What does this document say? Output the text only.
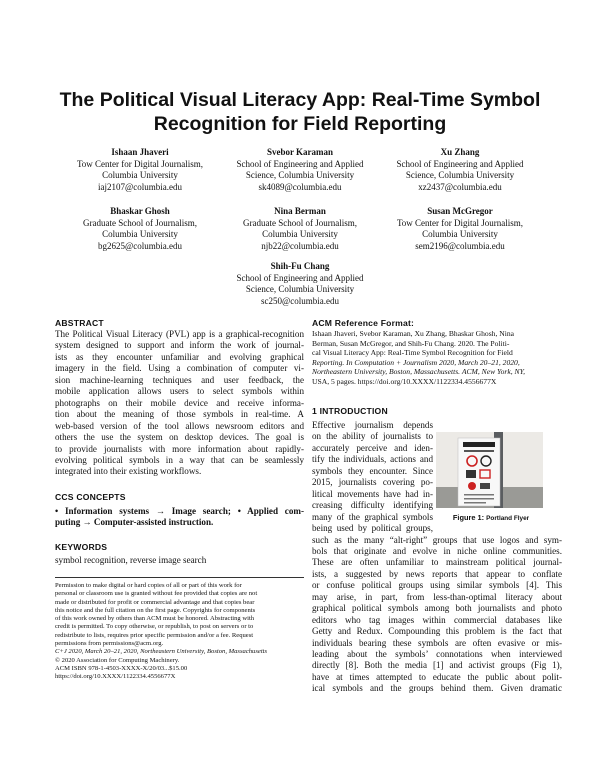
The Political Visual Literacy App: Real-Time Symbol
Recognition for Field Reporting
Ishaan Jhaveri
Tow Center for Digital Journalism,
Columbia University
iaj2107@columbia.edu
Svebor Karaman
School of Engineering and Applied
Science, Columbia University
sk4089@columbia.edu
Xu Zhang
School of Engineering and Applied
Science, Columbia University
xz2437@columbia.edu
Bhaskar Ghosh
Graduate School of Journalism,
Columbia University
bg2625@columbia.edu
Nina Berman
Graduate School of Journalism,
Columbia University
njb22@columbia.edu
Susan McGregor
Tow Center for Digital Journalism,
Columbia University
sem2196@columbia.edu
Shih-Fu Chang
School of Engineering and Applied
Science, Columbia University
sc250@columbia.edu
ABSTRACT
The Political Visual Literacy (PVL) app is a graphical-recognition
system designed to support and inform the work of journal-
ists as they encounter unfamiliar and evolving graphical
imagery in the field. Using a combination of computer vi-
sion machine-learning techniques and user feedback, the
mobile application allows users to select symbols within
photographs on their mobile device and receive informa-
tion about the meaning of those symbols in real-time. A
web-based version of the tool allows newsroom editors and
others the use the system on desktop devices. The goal is
to provide journalists with more information about rapidly-
evolving political symbols in a way that can be seamlessly
integrated into their existing workflows.
CCS CONCEPTS
• Information systems → Image search; • Applied com-
puting → Computer-assisted instruction.
KEYWORDS
symbol recognition, reverse image search
Permission to make digital or hard copies of all or part of this work for
personal or classroom use is granted without fee provided that copies are not
made or distributed for profit or commercial advantage and that copies bear
this notice and the full citation on the first page. Copyrights for components
of this work owned by others than ACM must be honored. Abstracting with
credit is permitted. To copy otherwise, or republish, to post on servers or to
redistribute to lists, requires prior specific permission and/or a fee. Request
permissions from permissions@acm.org.
C+J 2020, March 20–21, 2020, Northeastern University, Boston, Massachusetts
© 2020 Association for Computing Machinery.
ACM ISBN 978-1-4503-XXXX-X/20/03...$15.00
https://doi.org/10.XXXX/1122334.4556677X
ACM Reference Format:
Ishaan Jhaveri, Svebor Karaman, Xu Zhang, Bhaskar Ghosh, Nina
Berman, Susan McGregor, and Shih-Fu Chang. 2020. The Politi-
cal Visual Literacy App: Real-Time Symbol Recognition for Field
Reporting. In Computation + Journalism 2020, March 20–21, 2020,
Northeastern University, Boston, Massachusetts. ACM, New York, NY,
USA, 5 pages. https://doi.org/10.XXXX/1122334.4556677X
1 INTRODUCTION
Effective journalism depends
on the ability of journalists to
accurately perceive and iden-
tify the individuals, actions and
symbols they encounter. Since
2015, journalists covering po-
litical movements have had in-
creasing difficulty identifying
many of the graphical symbols
being used by political groups,
Figure 1: Portland Flyer
such as the many “alt-right” groups that use logos and sym-
bols that originate and evolve in niche online communities.
These are often unfamiliar to mainstream political journal-
ists, a suggested by news reports that appear to conflate
or confuse political groups using similar symbols [4]. This
may arise, in part, from less-than-optimal literacy about
graphical political symbols among both journalists and photo
editors who tag images within commercial databases like
Getty and Redux. Compounding this problem is the fact that
individuals bearing these symbols are often evasive or mis-
leading about the symbols’ connotations when interviewed
directly [8]. Both the media [1] and activist groups (Fig 1),
have at times attempted to educate the public about polit-
ical symbols and the groups behind them. Given dramatic
